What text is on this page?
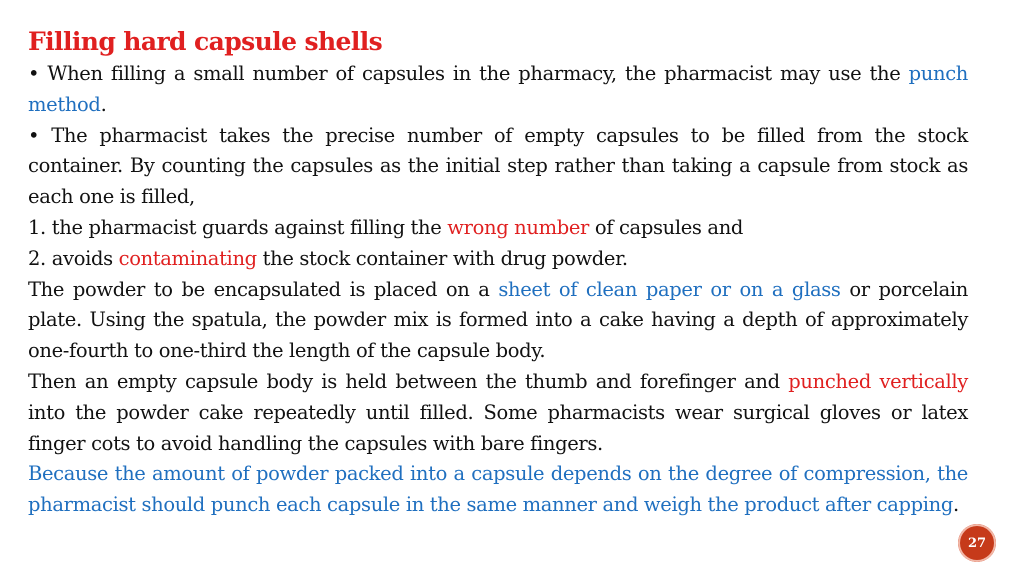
Filling hard capsule shells

• When filling a small number of capsules in the pharmacy, the pharmacist may use the punch method.

• The pharmacist takes the precise number of empty capsules to be filled from the stock container. By counting the capsules as the initial step rather than taking a capsule from stock as each one is filled,

1. the pharmacist guards against filling the wrong number of capsules and

2. avoids contaminating the stock container with drug powder.

The powder to be encapsulated is placed on a sheet of clean paper or on a glass or porcelain plate. Using the spatula, the powder mix is formed into a cake having a depth of approximately one-fourth to one-third the length of the capsule body.

Then an empty capsule body is held between the thumb and forefinger and punched vertically into the powder cake repeatedly until filled. Some pharmacists wear surgical gloves or latex finger cots to avoid handling the capsules with bare fingers.

Because the amount of powder packed into a capsule depends on the degree of compression, the pharmacist should punch each capsule in the same manner and weigh the product after capping.

27
